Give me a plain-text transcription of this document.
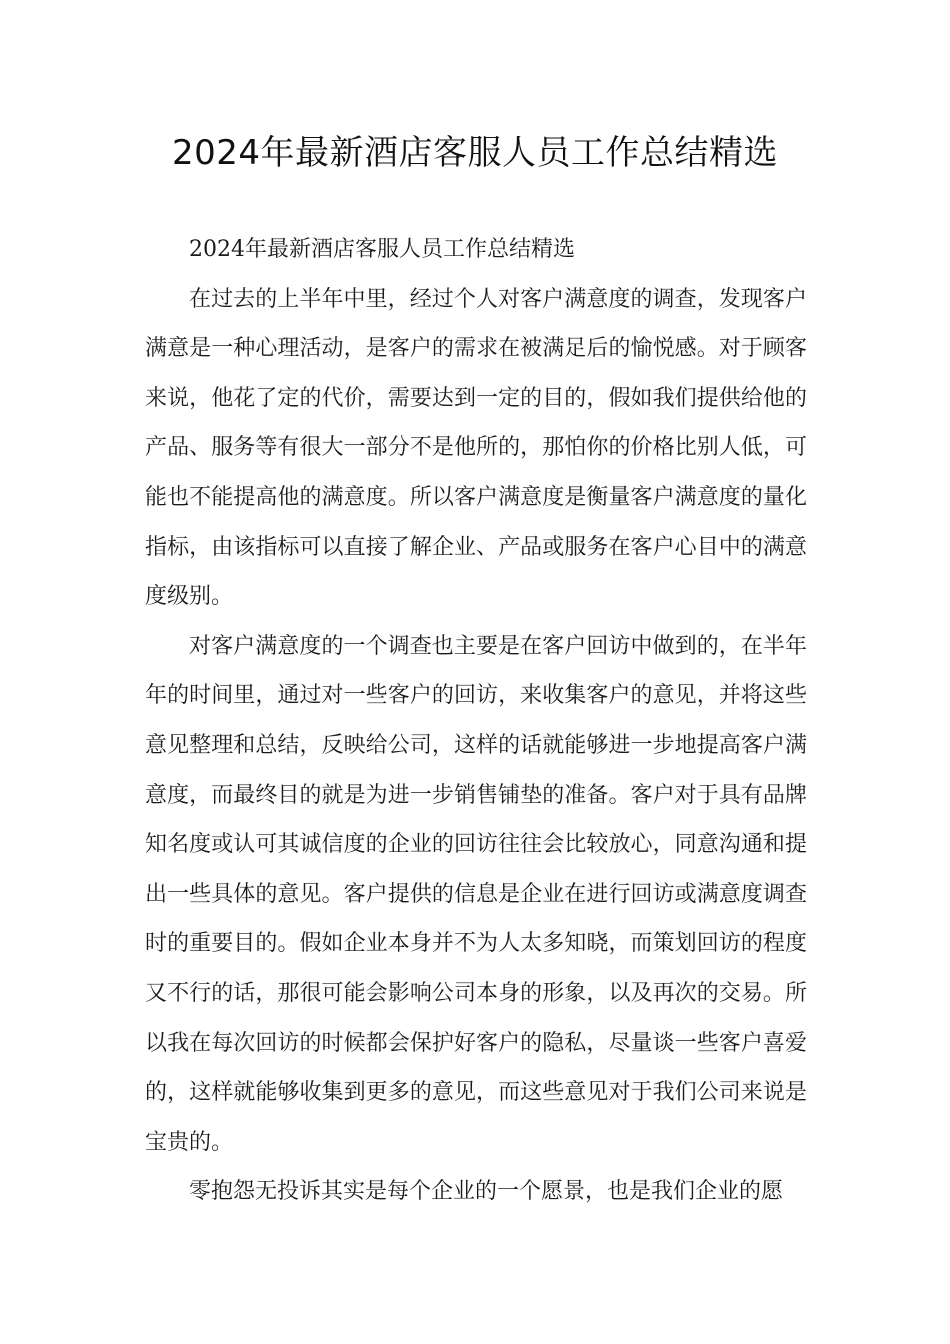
2024年最新酒店客服人员工作总结精选

2024年最新酒店客服人员工作总结精选

在过去的上半年中里，经过个人对客户满意度的调查，发现客户满意是一种心理活动，是客户的需求在被满足后的愉悦感。对于顾客来说，他花了定的代价，需要达到一定的目的，假如我们提供给他的产品、服务等有很大一部分不是他所的，那怕你的价格比别人低，可能也不能提高他的满意度。所以客户满意度是衡量客户满意度的量化指标，由该指标可以直接了解企业、产品或服务在客户心目中的满意度级别。

对客户满意度的一个调查也主要是在客户回访中做到的，在半年年的时间里，通过对一些客户的回访，来收集客户的意见，并将这些意见整理和总结，反映给公司，这样的话就能够进一步地提高客户满意度，而最终目的就是为进一步销售铺垫的准备。客户对于具有品牌知名度或认可其诚信度的企业的回访往往会比较放心，同意沟通和提出一些具体的意见。客户提供的信息是企业在进行回访或满意度调查时的重要目的。假如企业本身并不为人太多知晓，而策划回访的程度又不行的话，那很可能会影响公司本身的形象，以及再次的交易。所以我在每次回访的时候都会保护好客户的隐私，尽量谈一些客户喜爱的，这样就能够收集到更多的意见，而这些意见对于我们公司来说是宝贵的。

零抱怨无投诉其实是每个企业的一个愿景，也是我们企业的愿
